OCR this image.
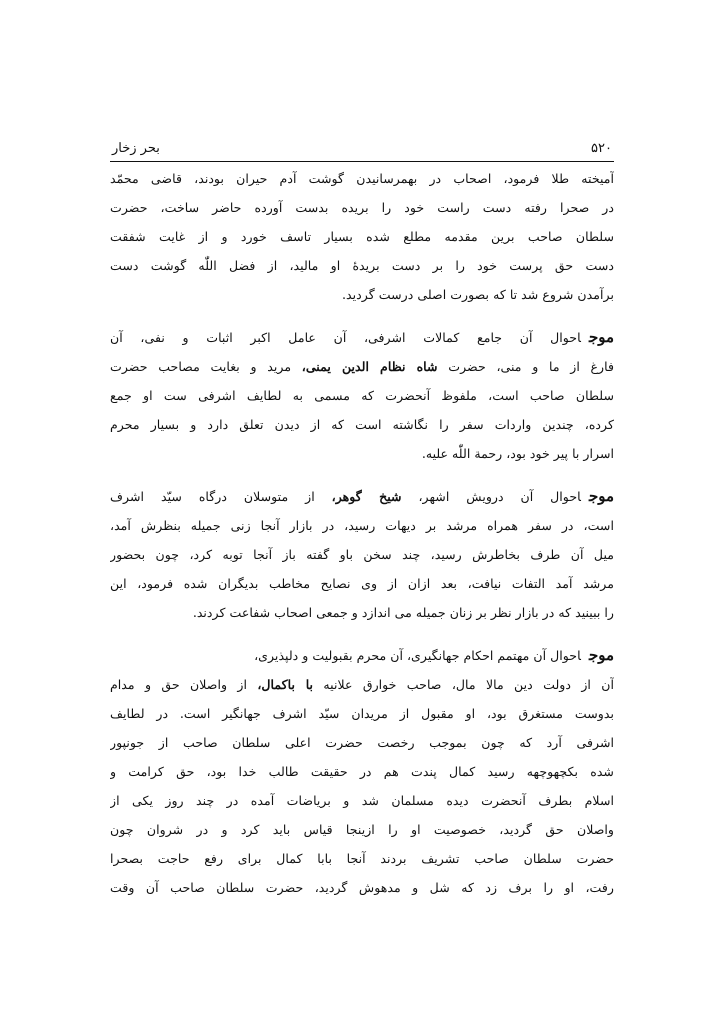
۵۲۰
بحر زخار

آمیخته طلا فرمود، اصحاب در بهمرسانیدن گوشت آدم حیران بودند، قاضی محمّد
در صحرا رفته دست راست خود را بریده بدست آورده حاضر ساخت، حضرت
سلطان صاحب برین مقدمه مطلع شده بسیار تاسف خورد و از غایت شفقت
دست حق پرست خود را بر دست بریدهٔ او مالید، از فضل اللّٰه گوشت دست
برآمدن شروع شد تا که بصورت اصلی درست گردید.

موجاحوال آن جامع کمالات اشرفی، آن عامل اکبر اثبات و نفی، آن
فارغ از ما و منی، حضرت شاه نظام الدین یمنی، مرید و بغایت مصاحب حضرت
سلطان صاحب است، ملفوظ آنحضرت که مسمی به لطایف اشرفی ست او جمع
کرده، چندین واردات سفر را نگاشته است که از دیدن تعلق دارد و بسیار محرم
اسرار با پیر خود بود، رحمة اللّٰه علیه.

موجاحوال آن درویش اشهر، شیخ گوهر، از متوسلان درگاه سیّد اشرف
است، در سفر همراه مرشد بر دیهات رسید، در بازار آنجا زنی جمیله بنظرش آمد،
میل آن طرف بخاطرش رسید، چند سخن باو گفته باز آنجا توبه کرد، چون بحضور
مرشد آمد التفات نیافت، بعد ازان از وی نصایح مخاطب بدیگران شده فرمود، این
را ببینید که در بازار نظر بر زنان جمیله می اندازد و جمعی اصحاب شفاعت کردند.

موجاحوال آن مهتمم احکام جهانگیری، آن محرم بقبولیت و دلپذیری،
آن از دولت دین مالا مال، صاحب خوارق علانیه با باکمال، از واصلان حق و مدام
بدوست مستغرق بود، او مقبول از مریدان سیّد اشرف جهانگیر است. در لطایف
اشرفی آرد که چون بموجب رخصت حضرت اعلی سلطان صاحب از جونپور
شده بکچهوچهه رسید کمال پندت هم در حقیقت طالب خدا بود، حق کرامت و
اسلام بطرف آنحضرت دیده مسلمان شد و بریاضات آمده در چند روز یکی از
واصلان حق گردید، خصوصیت او را ازینجا قیاس باید کرد و در شروان چون
حضرت سلطان صاحب تشریف بردند آنجا بابا کمال برای رفع حاجت بصحرا
رفت، او را برف زد که شل و مدهوش گردید، حضرت سلطان صاحب آن وقت
